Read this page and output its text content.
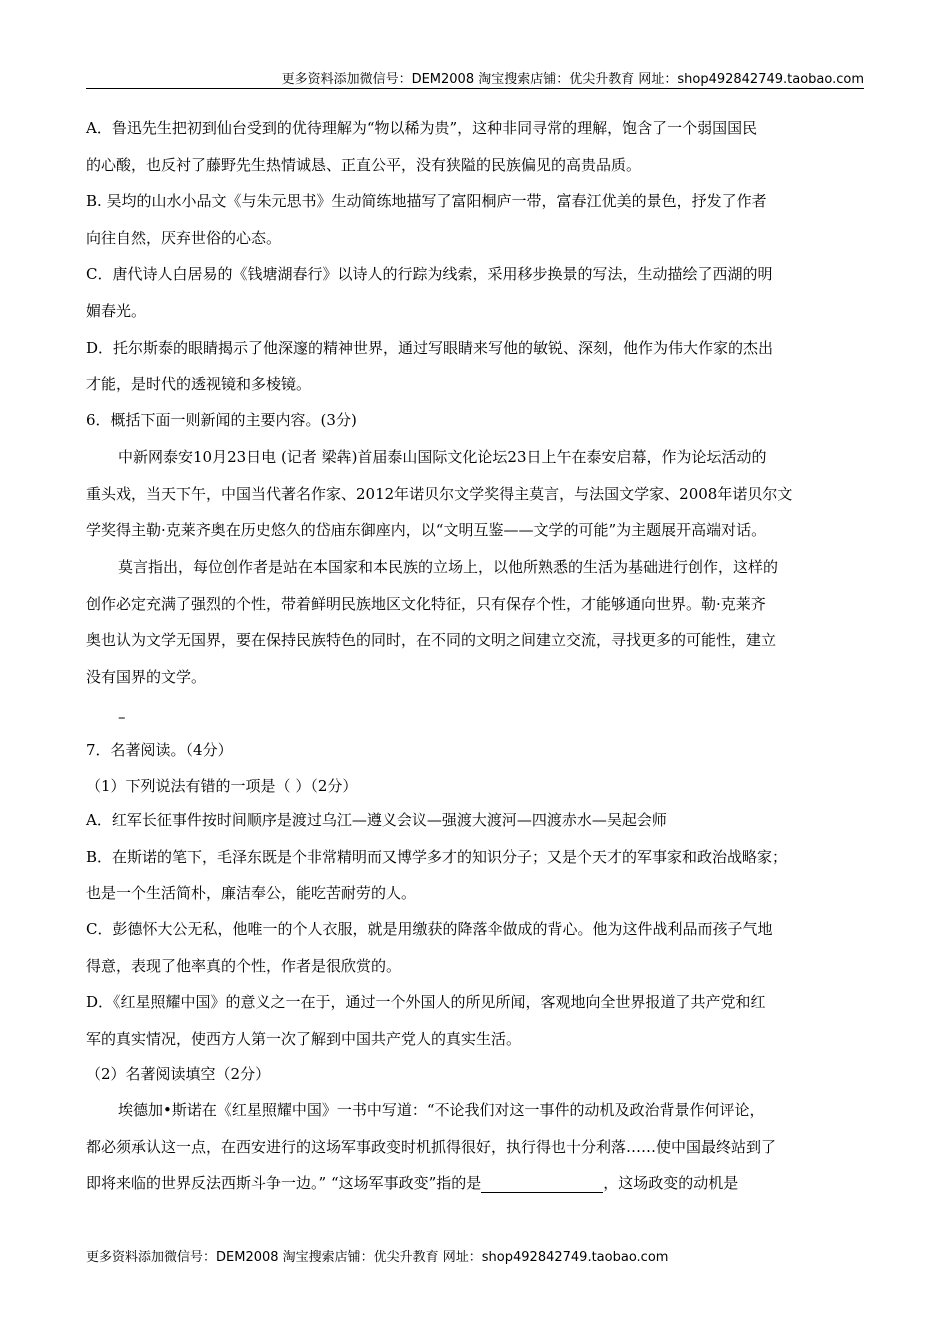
更多资料添加微信号：DEM2008 淘宝搜索店铺：优尖升教育 网址：shop492842749.taobao.com
A．鲁迅先生把初到仙台受到的优待理解为“物以稀为贵”，这种非同寻常的理解，饱含了一个弱国国民
的心酸，也反衬了藤野先生热情诚恳、正直公平，没有狭隘的民族偏见的高贵品质。
B. 吴均的山水小品文《与朱元思书》生动简练地描写了富阳桐庐一带，富春江优美的景色，抒发了作者
向往自然，厌弃世俗的心态。
C．唐代诗人白居易的《钱塘湖春行》以诗人的行踪为线索，采用移步换景的写法，生动描绘了西湖的明
媚春光。
D．托尔斯泰的眼睛揭示了他深邃的精神世界，通过写眼睛来写他的敏锐、深刻，他作为伟大作家的杰出
才能，是时代的透视镜和多棱镜。
6．概括下面一则新闻的主要内容。(3分)
中新网泰安10月23日电 (记者 梁犇)首届泰山国际文化论坛23日上午在泰安启幕，作为论坛活动的
重头戏，当天下午，中国当代著名作家、2012年诺贝尔文学奖得主莫言，与法国文学家、2008年诺贝尔文
学奖得主勒·克莱齐奥在历史悠久的岱庙东御座内，以“文明互鉴——文学的可能”为主题展开高端对话。
莫言指出，每位创作者是站在本国家和本民族的立场上，以他所熟悉的生活为基础进行创作，这样的
创作必定充满了强烈的个性，带着鲜明民族地区文化特征，只有保存个性，才能够通向世界。勒·克莱齐
奥也认为文学无国界，要在保持民族特色的同时，在不同的文明之间建立交流，寻找更多的可能性，建立
没有国界的文学。
–
7．名著阅读。（4分）
（1）下列说法有错的一项是（ ）（2分）
A．红军长征事件按时间顺序是渡过乌江—遵义会议—强渡大渡河—四渡赤水—吴起会师
B．在斯诺的笔下，毛泽东既是个非常精明而又博学多才的知识分子；又是个天才的军事家和政治战略家；
也是一个生活简朴，廉洁奉公，能吃苦耐劳的人。
C．彭德怀大公无私，他唯一的个人衣服，就是用缴获的降落伞做成的背心。他为这件战利品而孩子气地
得意，表现了他率真的个性，作者是很欣赏的。
D．《红星照耀中国》的意义之一在于，通过一个外国人的所见所闻，客观地向全世界报道了共产党和红
军的真实情况，使西方人第一次了解到中国共产党人的真实生活。
（2）名著阅读填空（2分）
埃德加•斯诺在《红星照耀中国》一书中写道：“不论我们对这一事件的动机及政治背景作何评论，
都必须承认这一点，在西安进行的这场军事政变时机抓得很好，执行得也十分利落……使中国最终站到了
即将来临的世界反法西斯斗争一边。” “这场军事政变”指的是	，这场政变的动机是
更多资料添加微信号：DEM2008 淘宝搜索店铺：优尖升教育 网址：shop492842749.taobao.com
